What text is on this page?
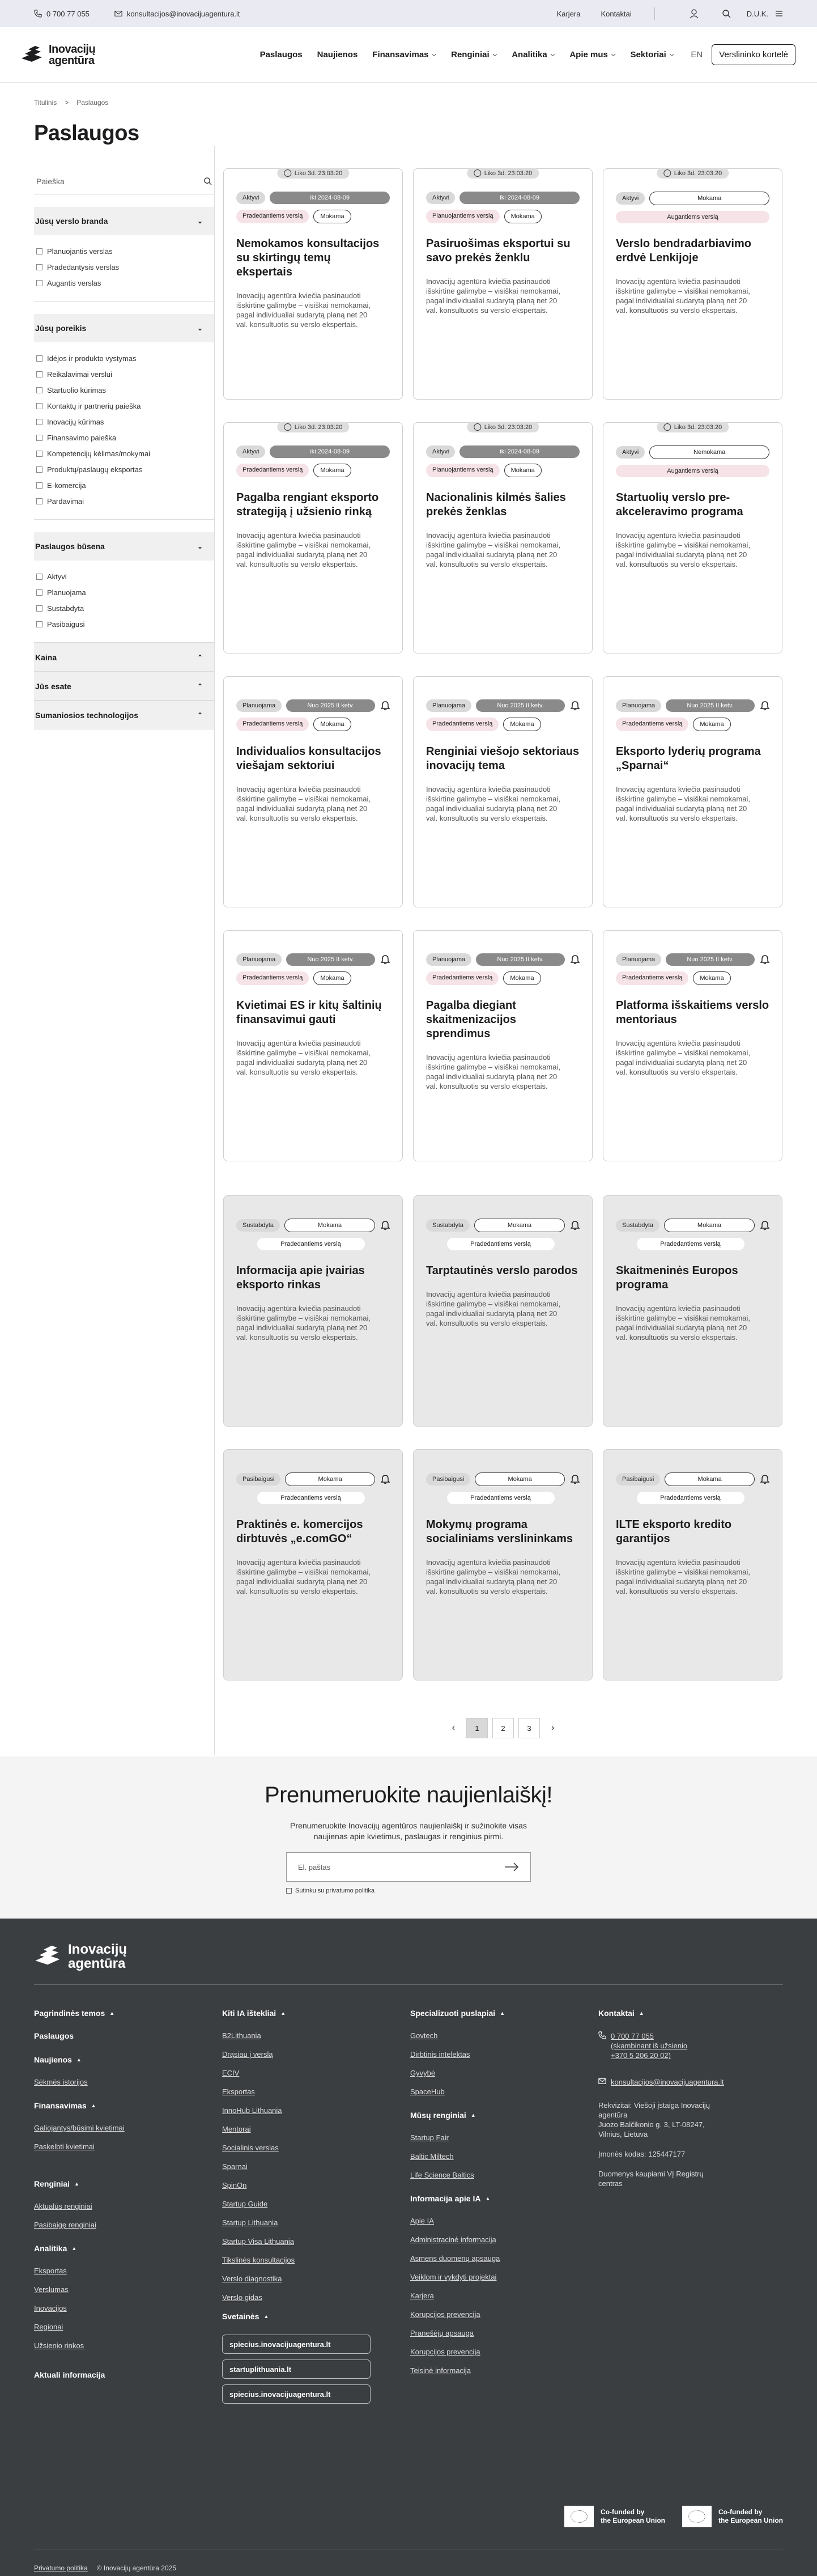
0 700 77 055	konsultacijos@inovacijuagentura.lt	Karjera	Kontaktai	D.U.K.
Inovacijų
agentūra	Paslaugos Naujienos Finansavimas ⌵ Renginiai ⌵ Analitika ⌵ Apie mus ⌵ Sektoriai ⌵ EN	Verslininko kortelė
Titulinis > Paslaugos
Paslaugos
Paieška
Jūsų verslo branda	⌄
Planuojantis verslas
Pradedantysis verslas
Augantis verslas
Jūsų poreikis	⌄
Idėjos ir produkto vystymas
Reikalavimai verslui
Startuolio kūrimas
Kontaktų ir partnerių paieška
Inovacijų kūrimas
Finansavimo paieška
Kompetencijų kėlimas/mokymai
Produktų/paslaugų eksportas
E-komercija
Pardavimai
Paslaugos būsena	⌄
Aktyvi
Planuojama
Sustabdyta
Pasibaigusi
Kaina	⌃
Jūs esate	⌃
Sumaniosios technologijos	⌃
Liko 3d. 23:03:20
Aktyvi	iki 2024-08-09
Pradedantiems verslą	Mokama
Nemokamos konsultacijos su skirtingų temų ekspertais

Inovacijų agentūra kviečia pasinaudoti išskirtine galimybe – visiškai nemokamai, pagal individualiai sudarytą planą net 20 val. konsultuotis su verslo ekspertais.

Liko 3d. 23:03:20
Aktyvi	iki 2024-08-09
Planuojantiems verslą	Mokama
Pasiruošimas eksportui su savo prekės ženklu

Inovacijų agentūra kviečia pasinaudoti išskirtine galimybe – visiškai nemokamai, pagal individualiai sudarytą planą net 20 val. konsultuotis su verslo ekspertais.

Liko 3d. 23:03:20
Aktyvi	Mokama
Augantiems verslą
Verslo bendradarbiavimo erdvė Lenkijoje

Inovacijų agentūra kviečia pasinaudoti išskirtine galimybe – visiškai nemokamai, pagal individualiai sudarytą planą net 20 val. konsultuotis su verslo ekspertais.

Liko 3d. 23:03:20
Aktyvi	iki 2024-08-09
Pradedantiems verslą	Mokama
Pagalba rengiant eksporto strategiją į užsienio rinką

Inovacijų agentūra kviečia pasinaudoti išskirtine galimybe – visiškai nemokamai, pagal individualiai sudarytą planą net 20 val. konsultuotis su verslo ekspertais.

Liko 3d. 23:03:20
Aktyvi	iki 2024-08-09
Planuojantiems verslą	Mokama
Nacionalinis kilmės šalies prekės ženklas

Inovacijų agentūra kviečia pasinaudoti išskirtine galimybe – visiškai nemokamai, pagal individualiai sudarytą planą net 20 val. konsultuotis su verslo ekspertais.

Liko 3d. 23:03:20
Aktyvi	Nemokama
Augantiems verslą
Startuolių verslo pre-akceleravimo programa

Inovacijų agentūra kviečia pasinaudoti išskirtine galimybe – visiškai nemokamai, pagal individualiai sudarytą planą net 20 val. konsultuotis su verslo ekspertais.

Planuojama	Nuo 2025 II ketv.
Pradedantiems verslą	Mokama
Individualios konsultacijos viešajam sektoriui

Inovacijų agentūra kviečia pasinaudoti išskirtine galimybe – visiškai nemokamai, pagal individualiai sudarytą planą net 20 val. konsultuotis su verslo ekspertais.

Planuojama	Nuo 2025 II ketv.
Pradedantiems verslą	Mokama
Renginiai viešojo sektoriaus inovacijų tema

Inovacijų agentūra kviečia pasinaudoti išskirtine galimybe – visiškai nemokamai, pagal individualiai sudarytą planą net 20 val. konsultuotis su verslo ekspertais.

Planuojama	Nuo 2025 II ketv.
Pradedantiems verslą	Mokama
Eksporto lyderių programa „Sparnai“

Inovacijų agentūra kviečia pasinaudoti išskirtine galimybe – visiškai nemokamai, pagal individualiai sudarytą planą net 20 val. konsultuotis su verslo ekspertais.

Planuojama	Nuo 2025 II ketv.
Pradedantiems verslą	Mokama
Kvietimai ES ir kitų šaltinių finansavimui gauti

Inovacijų agentūra kviečia pasinaudoti išskirtine galimybe – visiškai nemokamai, pagal individualiai sudarytą planą net 20 val. konsultuotis su verslo ekspertais.

Planuojama	Nuo 2025 II ketv.
Pradedantiems verslą	Mokama
Pagalba diegiant skaitmenizacijos sprendimus

Inovacijų agentūra kviečia pasinaudoti išskirtine galimybe – visiškai nemokamai, pagal individualiai sudarytą planą net 20 val. konsultuotis su verslo ekspertais.

Planuojama	Nuo 2025 II ketv.
Pradedantiems verslą	Mokama
Platforma išskaitiems verslo mentoriaus

Inovacijų agentūra kviečia pasinaudoti išskirtine galimybe – visiškai nemokamai, pagal individualiai sudarytą planą net 20 val. konsultuotis su verslo ekspertais.

Sustabdyta	Mokama
Pradedantiems verslą
Informacija apie įvairias eksporto rinkas

Inovacijų agentūra kviečia pasinaudoti išskirtine galimybe – visiškai nemokamai, pagal individualiai sudarytą planą net 20 val. konsultuotis su verslo ekspertais.

Sustabdyta	Mokama
Pradedantiems verslą
Tarptautinės verslo parodos

Inovacijų agentūra kviečia pasinaudoti išskirtine galimybe – visiškai nemokamai, pagal individualiai sudarytą planą net 20 val. konsultuotis su verslo ekspertais.

Sustabdyta	Mokama
Pradedantiems verslą
Skaitmeninės Europos programa

Inovacijų agentūra kviečia pasinaudoti išskirtine galimybe – visiškai nemokamai, pagal individualiai sudarytą planą net 20 val. konsultuotis su verslo ekspertais.

Pasibaigusi	Mokama
Pradedantiems verslą
Praktinės e. komercijos dirbtuvės „e.comGO“

Inovacijų agentūra kviečia pasinaudoti išskirtine galimybe – visiškai nemokamai, pagal individualiai sudarytą planą net 20 val. konsultuotis su verslo ekspertais.

Pasibaigusi	Mokama
Pradedantiems verslą
Mokymų programa socialiniams verslininkams

Inovacijų agentūra kviečia pasinaudoti išskirtine galimybe – visiškai nemokamai, pagal individualiai sudarytą planą net 20 val. konsultuotis su verslo ekspertais.

Pasibaigusi	Mokama
Pradedantiems verslą
ILTE eksporto kredito garantijos

Inovacijų agentūra kviečia pasinaudoti išskirtine galimybe – visiškai nemokamai, pagal individualiai sudarytą planą net 20 val. konsultuotis su verslo ekspertais.

‹	1	2	3	›
Prenumeruokite naujienlaiškį!
Prenumeruokite Inovacijų agentūros naujienlaiškį ir sužinokite visas
naujienas apie kvietimus, paslaugas ir renginius pirmi.
El. paštas
Sutinku su privatumo politika
Inovacijų
agentūra
Pagrindinės temos ▲
Paslaugos
Naujienos ▲
Sėkmės istorijos
Finansavimas ▲
Galiojantys/būsimi kvietimai
Paskelbti kvietimai
Renginiai ▲
Aktualūs renginiai
Pasibaigę renginiai
Analitika ▲
Eksportas
Verslumas
Inovacijos
Regionai
Užsienio rinkos
Aktuali informacija
Kiti IA ištekliai ▲
B2Lithuania
Drąsiau į verslą
ECIV
Eksportas
InnoHub Lithuania
Mentorai
Socialinis verslas
Sparnai
SpinOn
Startup Guide
Startup Lithuania
Startup Visa Lithuania
Tikslinės konsultacijos
Verslo diagnostika
Verslo gidas
Svetainės ▲
spiecius.inovacijuagentura.lt
startuplithuania.lt
spiecius.inovacijuagentura.lt
Specializuoti puslapiai ▲
Govtech
Dirbtinis intelektas
Gyvybė
SpaceHub
Mūsų renginiai ▲
Startup Fair
Baltic Miltech
Life Science Baltics
Informacija apie IA ▲
Apie IA
Administracinė informacija
Asmens duomenų apsauga
Veiklom ir vykdyti projektai
Karjera
Korupcijos prevencija
Pranešėjų apsauga
Korupcijos prevencija
Teisinė informacija
Kontaktai ▲
0 700 77 055
(skambinant iš užsienio
+370 5 206 20 02)
konsultacijos@inovacijuagentura.lt
Rekvizitai: Viešoji įstaiga Inovacijų
agentūra
Juozo Balčikonio g. 3, LT-08247,
Vilnius, Lietuva
Įmonės kodas: 125447177
Duomenys kaupiami VĮ Registrų
centras
Co-funded by
the European Union
Co-funded by
the European Union
Privatumo politika © Inovacijų agentūra 2025
